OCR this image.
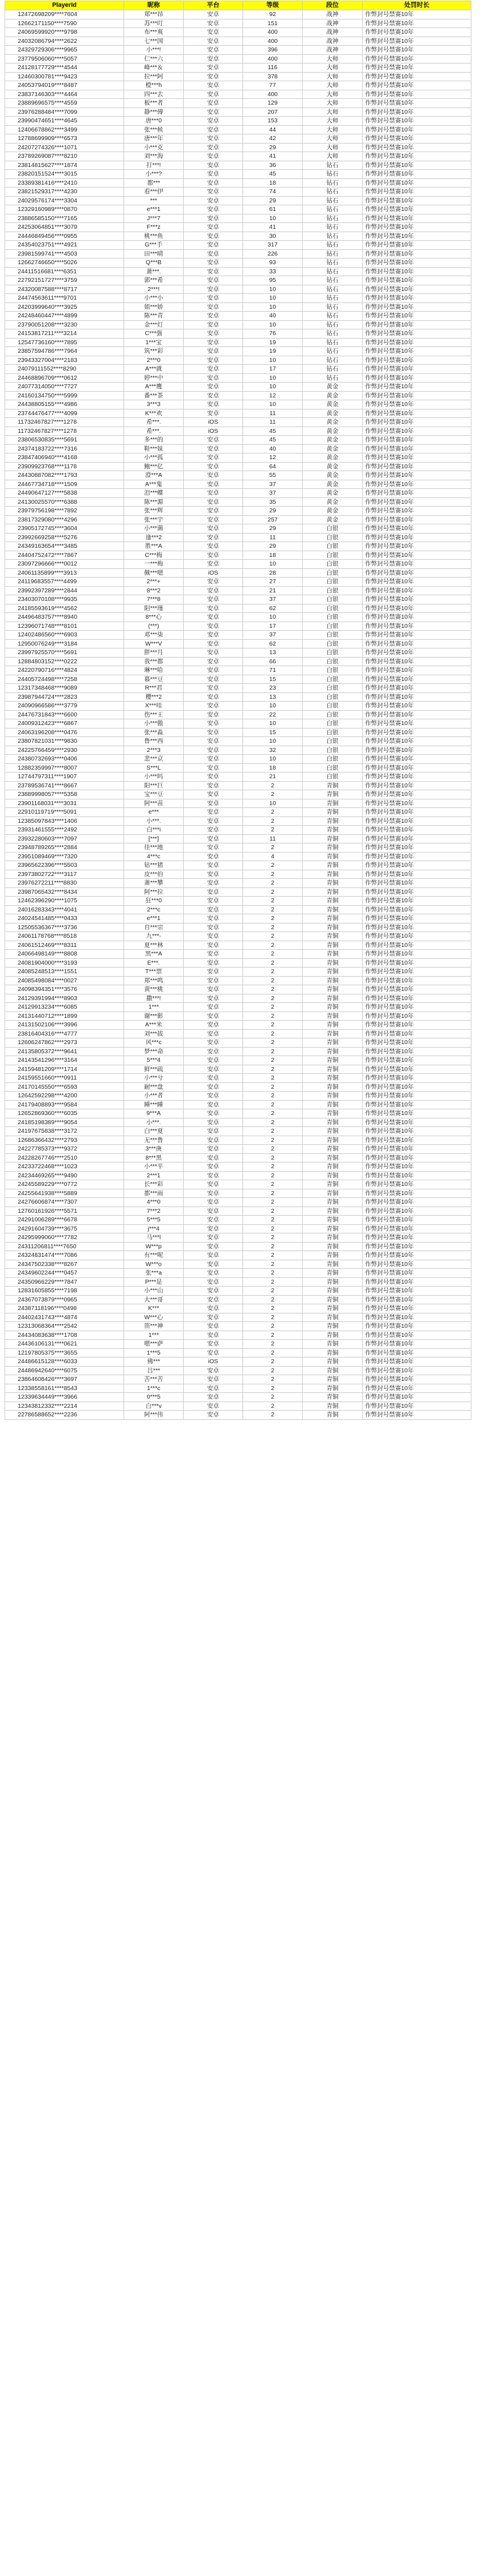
PlayerId	昵称	平台	等级	段位	处罚时长
12472698209****7604	郑***昂	安卓	92	战神	作弊封号禁赛10年
12662171150****7590	苏***叮	安卓	151	战神	作弊封号禁赛10年
24069599920****9798	布***爽	安卓	400	战神	作弊封号禁赛10年
24032086794****2622	七***国	安卓	400	战神	作弊封号禁赛10年
24329729306****9965	小***!	安卓	396	战神	作弊封号禁赛10年
23779506060****5057	仁***六	安卓	400	大师	作弊封号禁赛10年
24128177729****4544	峰***＆	安卓	116	大师	作弊封号禁赛10年
12460300781****9423	拉***阿	安卓	378	大师	作弊封号禁赛10年
24053794019****8487	橙***h	安卓	77	大师	作弊封号禁赛10年
23837146303****4464	四***去	安卓	400	大师	作弊封号禁赛10年
23889696575****4559	板***者	安卓	129	大师	作弊封号禁赛10年
23976288484****7099	静***傅	安卓	207	大师	作弊封号禁赛10年
23990474651****4645	唐***0	安卓	153	大师	作弊封号禁赛10年
12406678862****3499	张***候	安卓	44	大师	作弊封号禁赛10年
12788699909****6573	唐***年	安卓	42	大师	作弊封号禁赛10年
24207274326****1071	小***克	安卓	29	大师	作弊封号禁赛10年
23789269087****8210	刘***海	安卓	41	大师	作弊封号禁赛10年
23814815627****1874	打***!	安卓	36	钻石	作弊封号禁赛10年
23820151524****3015	小***?	安卓	45	钻石	作弊封号禁赛10年
23389381416****2410	都***	安卓	18	钻石	作弊封号禁赛10年
23821529317****4230	看***伊	安卓	74	钻石	作弊封号禁赛10年
24029576174****3304	***	安卓	29	钻石	作弊封号禁赛10年
12329160989****0870	e***1	安卓	61	钻石	作弊封号禁赛10年
23886585150****7165	J***7	安卓	10	钻石	作弊封号禁赛10年
24253064851****3079	F***z	安卓	41	钻石	作弊封号禁赛10年
24446849456****0955	桃***鱼	安卓	30	钻石	作弊封号禁赛10年
24354023751****4921	G***手	安卓	317	钻石	作弊封号禁赛10年
23981599741****4503	田***晴	安卓	226	钻石	作弊封号禁赛10年
12662746650****5026	Q***B	安卓	93	钻石	作弊封号禁赛10年
24411516681****6351	萧***.	安卓	33	钻石	作弊封号禁赛10年
22792151727****3759	郭***希	安卓	95	钻石	作弊封号禁赛10年
24320087588****8717	2***!	安卓	10	钻石	作弊封号禁赛10年
24474563611****9701	小***小	安卓	10	钻石	作弊封号禁赛10年
24203999640****3925	姐***娇	安卓	10	钻石	作弊封号禁赛10年
24248460447****4899	陈***青	安卓	40	钻石	作弊封号禁赛10年
23790051208****3230	金***灯	安卓	10	钻石	作弊封号禁赛10年
24153817211****3214	C***强	安卓	76	钻石	作弊封号禁赛10年
12547736160****7895	1***宝	安卓	19	钻石	作弊封号禁赛10年
23857594786****7964	筑***彩	安卓	19	钻石	作弊封号禁赛10年
23943327004****2183	2***0	安卓	10	钻石	作弊封号禁赛10年
24079111552****8290	A***就	安卓	17	钻石	作弊封号禁赛10年
24468896709****0612	婷***中	安卓	10	钻石	作弊封号禁赛10年
24077314050****7727	A***鹰	安卓	10	黄金	作弊封号禁赛10年
24160134750****5999	番***茶	安卓	12	黄金	作弊封号禁赛10年
24438805155****4986	3***3	安卓	10	黄金	作弊封号禁赛10年
23744476477****4099	K***欢	安卓	11	黄金	作弊封号禁赛10年
11732467827****1278	希***.	iOS	11	黄金	作弊封号禁赛10年
11732467827****1278	希***.	iOS	45	黄金	作弊封号禁赛10年
23806530835****5691	多***的	安卓	45	黄金	作弊封号禁赛10年
24374183722****7316	鞋***妹	安卓	40	黄金	作弊封号禁赛10年
23847406940****4168	小***孤	安卓	12	黄金	作弊封号禁赛10年
23909923768****1178	鲍***亿	安卓	64	黄金	作弊封号禁赛10年
24430887082****1793	澄***A	安卓	55	黄金	作弊封号禁赛10年
24467734718****1509	A***鬼	安卓	37	黄金	作弊封号禁赛10年
24490647127****5838	泪***蝶	安卓	37	黄金	作弊封号禁赛10年
24130025570****6388	陈***源	安卓	35	黄金	作弊封号禁赛10年
23979756198****7892	张***辉	安卓	29	黄金	作弊封号禁赛10年
23817329080****4296	张***宇	安卓	257	黄金	作弊封号禁赛10年
23905172745****3604	小***菌	安卓	29	白银	作弊封号禁赛10年
23992669258****5276	逢***2	安卓	11	白银	作弊封号禁赛10年
24349163654****3485	胜***A	安卓	29	白银	作弊封号禁赛10年
24404752472****7867	C***梅	安卓	18	白银	作弊封号禁赛10年
23097296666****0012	一***梅	安卓	10	白银	作弊封号禁赛10年
24061135899****3913	佩***嗯	iOS	28	白银	作弊封号禁赛10年
24119683557****4499	2***+	安卓	27	白银	作弊封号禁赛10年
23992397289****2844	8***2	安卓	21	白银	作弊封号禁赛10年
23403070108****9935	7***8	安卓	37	白银	作弊封号禁赛10年
24185593619****4562	阳***瑾	安卓	62	白银	作弊封号禁赛10年
24496483757****8940	8***心	安卓	10	白银	作弊封号禁赛10年
12396071748****8101	(***)	安卓	17	白银	作弊封号禁赛10年
12402486560****6903	邓***柒	安卓	37	白银	作弊封号禁赛10年
12950076249****3184	W***V	安卓	62	白银	作弊封号禁赛10年
23997925570****5691	胖***月	安卓	13	白银	作弊封号禁赛10年
12884803152****0222	我***都	安卓	66	白银	作弊封号禁赛10年
24220790716****4824	琳***哈	安卓	71	白银	作弊封号禁赛10年
24405724498****7258	慕***豆	安卓	15	白银	作弊封号禁赛10年
12317348468****9089	R***君	安卓	23	白银	作弊封号禁赛10年
23987944724****2823	樱***2	安卓	13	白银	作弊封号禁赛10年
24090966586****3779	X***哇	安卓	10	白银	作弊封号禁赛10年
24476731843****6600	伤***王	安卓	22	白银	作弊封号禁赛10年
24009312423****6867	小***傲	安卓	10	白银	作弊封号禁赛10年
24063196208****0476	张***淼	安卓	15	白银	作弊封号禁赛10年
23807821031****9830	鲁***西	安卓	10	白银	作弊封号禁赛10年
24225766459****2930	2***3	安卓	32	白银	作弊封号禁赛10年
24380732693****0406	悲***京	安卓	10	白银	作弊封号禁赛10年
12882359997****8007	S***L	安卓	18	白银	作弊封号禁赛10年
12744797311****1907	小***吗	安卓	21	白银	作弊封号禁赛10年
23789536741****8667	阳***巨	安卓	2	青铜	作弊封号禁赛10年
23889998057****5358	宝***豆	安卓	2	青铜	作弊封号禁赛10年
23901168031****3031	阿***苗	安卓	10	青铜	作弊封号禁赛10年
22910119719****5091	e***	安卓	2	青铜	作弊封号禁赛10年
12385097843****1406	小***.	安卓	2	青铜	作弊封号禁赛10年
23931461555****2492	白***i	安卓	2	青铜	作弊封号禁赛10年
23932280603****7097	[***]	安卓	11	青铜	作弊封号禁赛10年
23948789265****2884	佳***地	安卓	2	青铜	作弊封号禁赛10年
23951089469****7320	4***c	安卓	4	青铜	作弊封号禁赛10年
23965622396****5503	钻***猪	安卓	2	青铜	作弊封号禁赛10年
23973802722****3117	皮***伯	安卓	2	青铜	作弊封号禁赛10年
23976272211****8830	萧***攀	安卓	2	青铜	作弊封号禁赛10年
23987065432****8434	阿***拉	安卓	2	青铜	作弊封号禁赛10年
12462396290****1075	狂***0	安卓	2	青铜	作弊封号禁赛10年
24016283343****4041	2***c	安卓	2	青铜	作弊封号禁赛10年
24024541485****0433	e***1	安卓	2	青铜	作弊封号禁赛10年
12505536367****3736	自***宗	安卓	2	青铜	作弊封号禁赛10年
24061178768****8518	九***-	安卓	2	青铜	作弊封号禁赛10年
24061512469****8311	夏***林	安卓	2	青铜	作弊封号禁赛10年
24066498149****8808	黑***A	安卓	2	青铜	作弊封号禁赛10年
24081904000****3193	E***.	安卓	2	青铜	作弊封号禁赛10年
24085248513****1551	T***票	安卓	2	青铜	作弊封号禁赛10年
24085498084****0027	郑***鸣	安卓	2	青铜	作弊封号禁赛10年
24098394351****3576	黄***桃	安卓	2	青铜	作弊封号禁赛10年
24129391994****8903	撒***!	安卓	2	青铜	作弊封号禁赛10年
24129913234****6085	1***	安卓	2	青铜	作弊封号禁赛10年
24131440712****1899	谢***影	安卓	2	青铜	作弊封号禁赛10年
24131502106****3996	A***米	安卓	2	青铜	作弊封号禁赛10年
23816404316****4777	刘***拔	安卓	2	青铜	作弊封号禁赛10年
12606247862****2973	风***c	安卓	2	青铜	作弊封号禁赛10年
24135805372****9641	梦***命	安卓	2	青铜	作弊封号禁赛10年
24143541296****3164	5***4	安卓	2	青铜	作弊封号禁赛10年
24159481209****1714	鲜***疏	安卓	2	青铜	作弊封号禁赛10年
24159551660****0911	小***兮	安卓	2	青铜	作弊封号禁赛10年
24170145550****6593	耐***盘	安卓	2	青铜	作弊封号禁赛10年
12642592298****4200	小***者	安卓	2	青铜	作弊封号禁赛10年
24179408893****9584	睡***睡	安卓	2	青铜	作弊封号禁赛10年
12652869360****6035	9***A	安卓	2	青铜	作弊封号禁赛10年
24185198389****9054	小***.	安卓	2	青铜	作弊封号禁赛10年
24197675838****3172	白***夏	安卓	2	青铜	作弊封号禁赛10年
12686366432****2793	无***鲁	安卓	2	青铜	作弊封号禁赛10年
24227785373****9372	3***庚	安卓	2	青铜	作弊封号禁赛10年
24228267746****2510	8***黑	安卓	2	青铜	作弊封号禁赛10年
24233722468****1023	小***平	安卓	2	青铜	作弊封号禁赛10年
24234469265****9490	2***1	安卓	2	青铜	作弊封号禁赛10年
24245589229****0772	长***彩	安卓	2	青铜	作弊封号禁赛10年
24255641938****5889	都***雨	安卓	2	青铜	作弊封号禁赛10年
24276606874****7307	4***0	安卓	2	青铜	作弊封号禁赛10年
12760161926****5571	7***2	安卓	2	青铜	作弊封号禁赛10年
24291006289****6678	5***5	安卓	2	青铜	作弊封号禁赛10年
24291604739****3675	j***4	安卓	2	青铜	作弊封号禁赛10年
24295999060****7782	马***l	安卓	2	青铜	作弊封号禁赛10年
24311206811****7650	W***p	安卓	2	青铜	作弊封号禁赛10年
24324831474****7086	有***呢	安卓	2	青铜	作弊封号禁赛10年
24347502338****8267	W***o	安卓	2	青铜	作弊封号禁赛10年
24349602244****0457	张***a	安卓	2	青铜	作弊封号禁赛10年
24350966229****7847	P***是	安卓	2	青铜	作弊封号禁赛10年
12831605855****7198	小***山	安卓	2	青铜	作弊封号禁赛10年
24367073879****0965	大***哥	安卓	2	青铜	作弊封号禁赛10年
24387118196****0498	K***	安卓	2	青铜	作弊封号禁赛10年
24402431743****4874	W***心	安卓	2	青铜	作弊封号禁赛10年
12313068364****2542	笛***神	安卓	2	青铜	作弊封号禁赛10年
24434083638****1708	1***	安卓	2	青铜	作弊封号禁赛10年
24436106131****0621	嗯***萨	安卓	2	青铜	作弊封号禁赛10年
12197805375****3655	1***5	安卓	2	青铜	作弊封号禁赛10年
24486615128****6033	佛***	iOS	2	青铜	作弊封号禁赛10年
24486942640****6075	吕***	安卓	2	青铜	作弊封号禁赛10年
23864608426****3697	苦***苦	安卓	2	青铜	作弊封号禁赛10年
12338558161****8543	1***c	安卓	2	青铜	作弊封号禁赛10年
12339634449****3966	0***5	安卓	2	青铜	作弊封号禁赛10年
12343812332****2214	白***v	安卓	2	青铜	作弊封号禁赛10年
22786588652****2236	阿***伟	安卓	2	青铜	作弊封号禁赛10年
